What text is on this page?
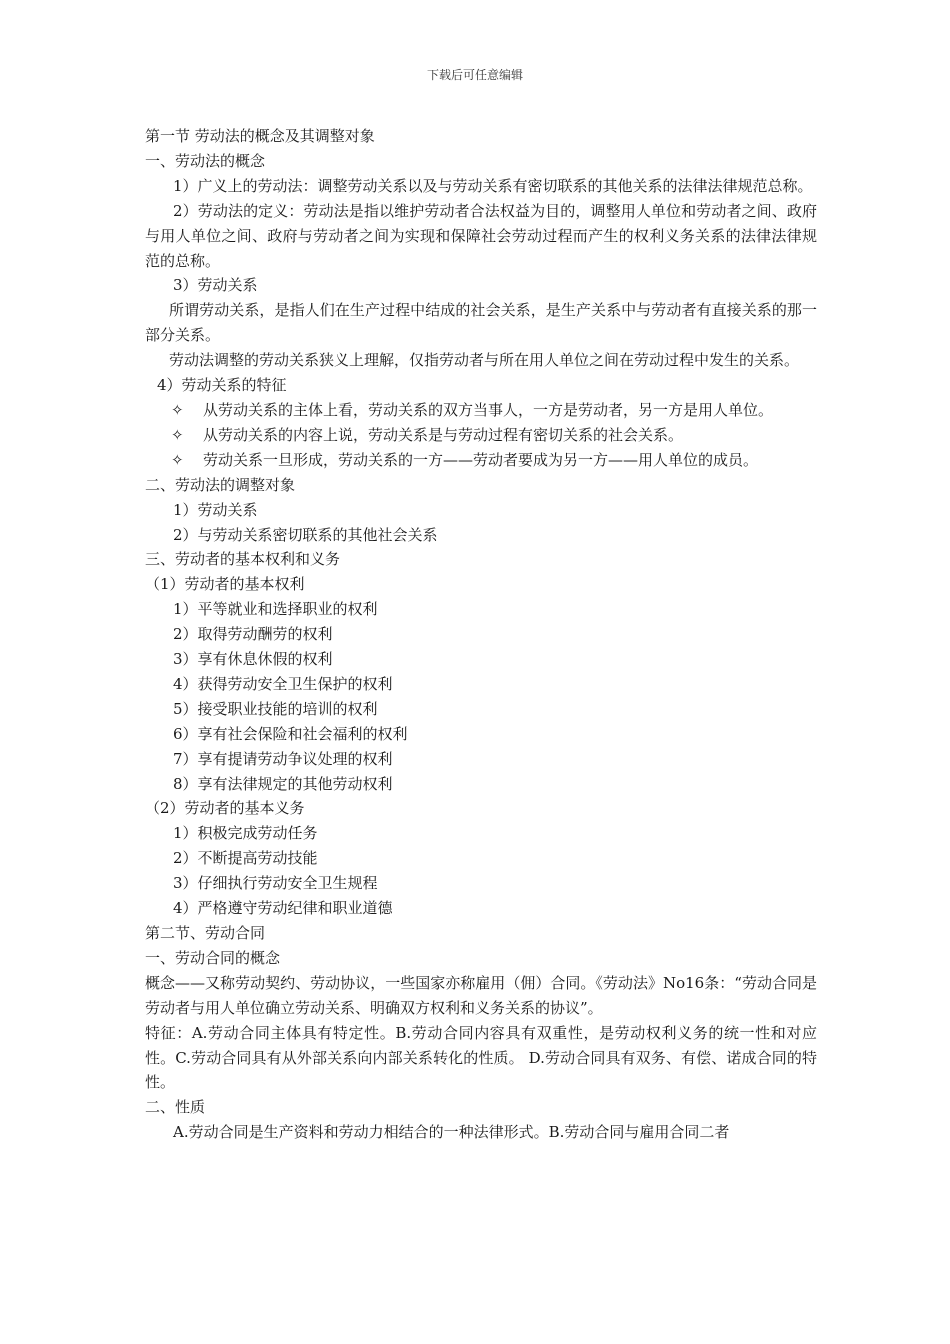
下载后可任意编辑
第一节 劳动法的概念及其调整对象
一、劳动法的概念
1）广义上的劳动法：调整劳动关系以及与劳动关系有密切联系的其他关系的法律法律规范总称。
2）劳动法的定义：劳动法是指以维护劳动者合法权益为目的，调整用人单位和劳动者之间、政府与用人单位之间、政府与劳动者之间为实现和保障社会劳动过程而产生的权利义务关系的法律法律规范的总称。
3）劳动关系
所谓劳动关系，是指人们在生产过程中结成的社会关系，是生产关系中与劳动者有直接关系的那一部分关系。
劳动法调整的劳动关系狭义上理解，仅指劳动者与所在用人单位之间在劳动过程中发生的关系。
4）劳动关系的特征
✧ 从劳动关系的主体上看，劳动关系的双方当事人，一方是劳动者，另一方是用人单位。
✧ 从劳动关系的内容上说，劳动关系是与劳动过程有密切关系的社会关系。
✧ 劳动关系一旦形成，劳动关系的一方——劳动者要成为另一方——用人单位的成员。
二、劳动法的调整对象
1）劳动关系
2）与劳动关系密切联系的其他社会关系
三、劳动者的基本权利和义务
（1）劳动者的基本权利
1）平等就业和选择职业的权利
2）取得劳动酬劳的权利
3）享有休息休假的权利
4）获得劳动安全卫生保护的权利
5）接受职业技能的培训的权利
6）享有社会保险和社会福利的权利
7）享有提请劳动争议处理的权利
8）享有法律规定的其他劳动权利
（2）劳动者的基本义务
1）积极完成劳动任务
2）不断提高劳动技能
3）仔细执行劳动安全卫生规程
4）严格遵守劳动纪律和职业道德
第二节、劳动合同
一、劳动合同的概念
概念——又称劳动契约、劳动协议，一些国家亦称雇用（佣）合同。《劳动法》No16条：“劳动合同是劳动者与用人单位确立劳动关系、明确双方权利和义务关系的协议”。
特征：A.劳动合同主体具有特定性。B.劳动合同内容具有双重性，是劳动权利义务的统一性和对应性。C.劳动合同具有从外部关系向内部关系转化的性质。 D.劳动合同具有双务、有偿、诺成合同的特性。
二、性质
A.劳动合同是生产资料和劳动力相结合的一种法律形式。B.劳动合同与雇用合同二者
